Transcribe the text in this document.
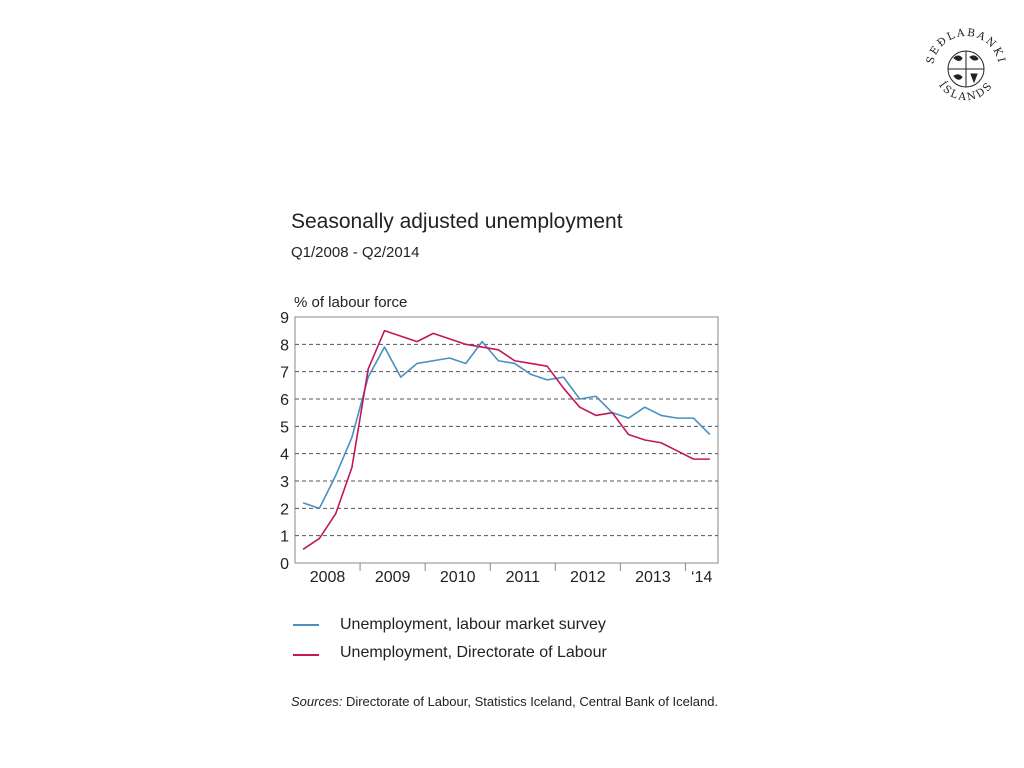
SEÐLABANKI
ÍSLANDS
Seasonally adjusted unemployment
Q1/2008 - Q2/2014
% of labour force
0
1
2
3
4
5
6
7
8
9
2008 2009 2010 2011 2012 2013 ‘14
Unemployment, labour market survey
Unemployment, Directorate of Labour
Sources: Directorate of Labour, Statistics Iceland, Central Bank of Iceland.
